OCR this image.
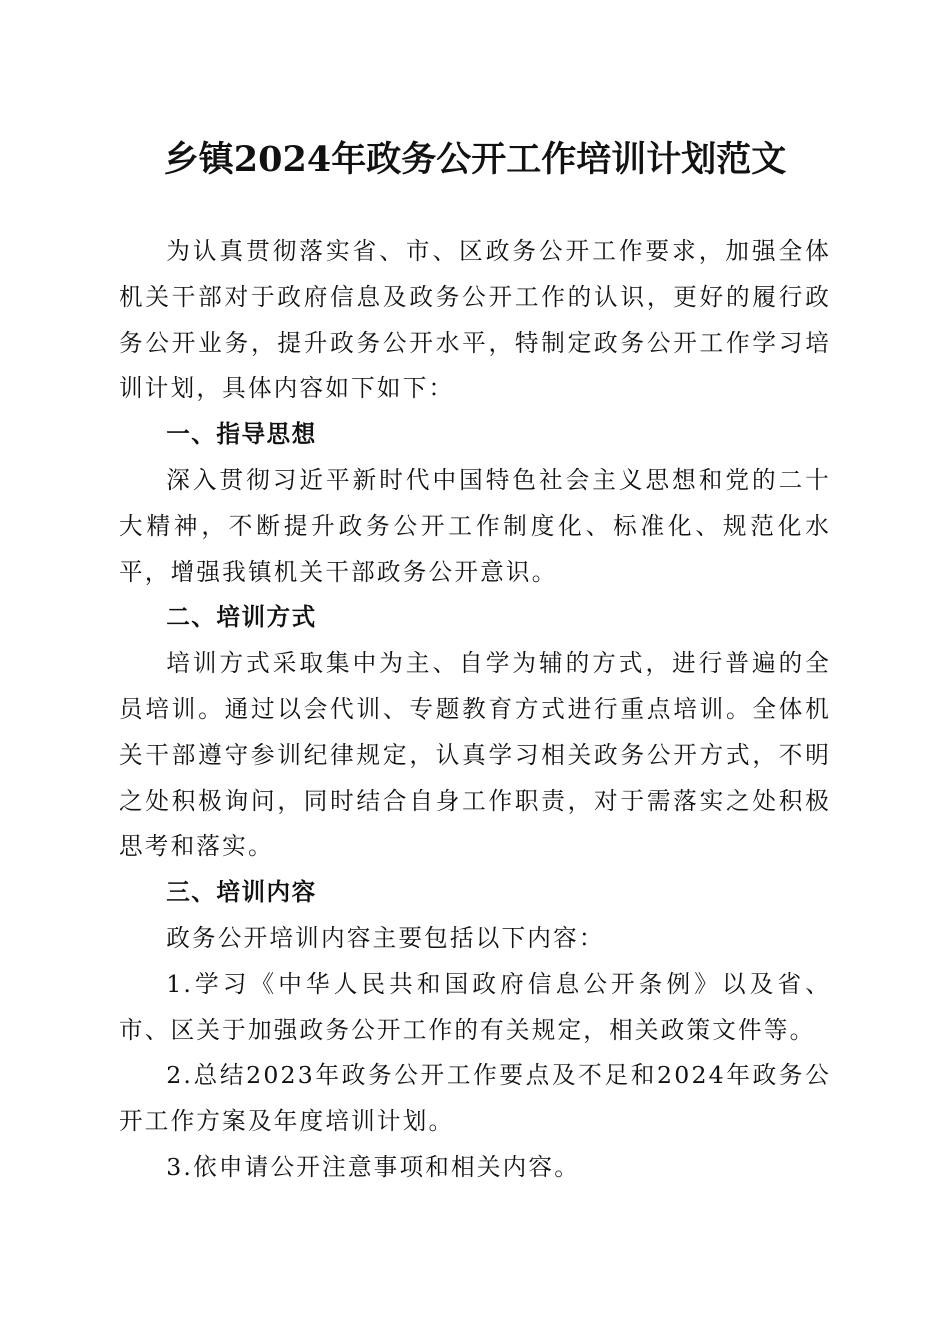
乡镇2024年政务公开工作培训计划范文

为认真贯彻落实省、市、区政务公开工作要求，加强全体机关干部对于政府信息及政务公开工作的认识，更好的履行政务公开业务，提升政务公开水平，特制定政务公开工作学习培训计划，具体内容如下如下：

一、指导思想

深入贯彻习近平新时代中国特色社会主义思想和党的二十大精神，不断提升政务公开工作制度化、标准化、规范化水平，增强我镇机关干部政务公开意识。

二、培训方式

培训方式采取集中为主、自学为辅的方式，进行普遍的全员培训。通过以会代训、专题教育方式进行重点培训。全体机关干部遵守参训纪律规定，认真学习相关政务公开方式，不明之处积极询问，同时结合自身工作职责，对于需落实之处积极思考和落实。

三、培训内容

政务公开培训内容主要包括以下内容：

1.学习《中华人民共和国政府信息公开条例》以及省、市、区关于加强政务公开工作的有关规定，相关政策文件等。

2.总结2023年政务公开工作要点及不足和2024年政务公开工作方案及年度培训计划。

3.依申请公开注意事项和相关内容。
